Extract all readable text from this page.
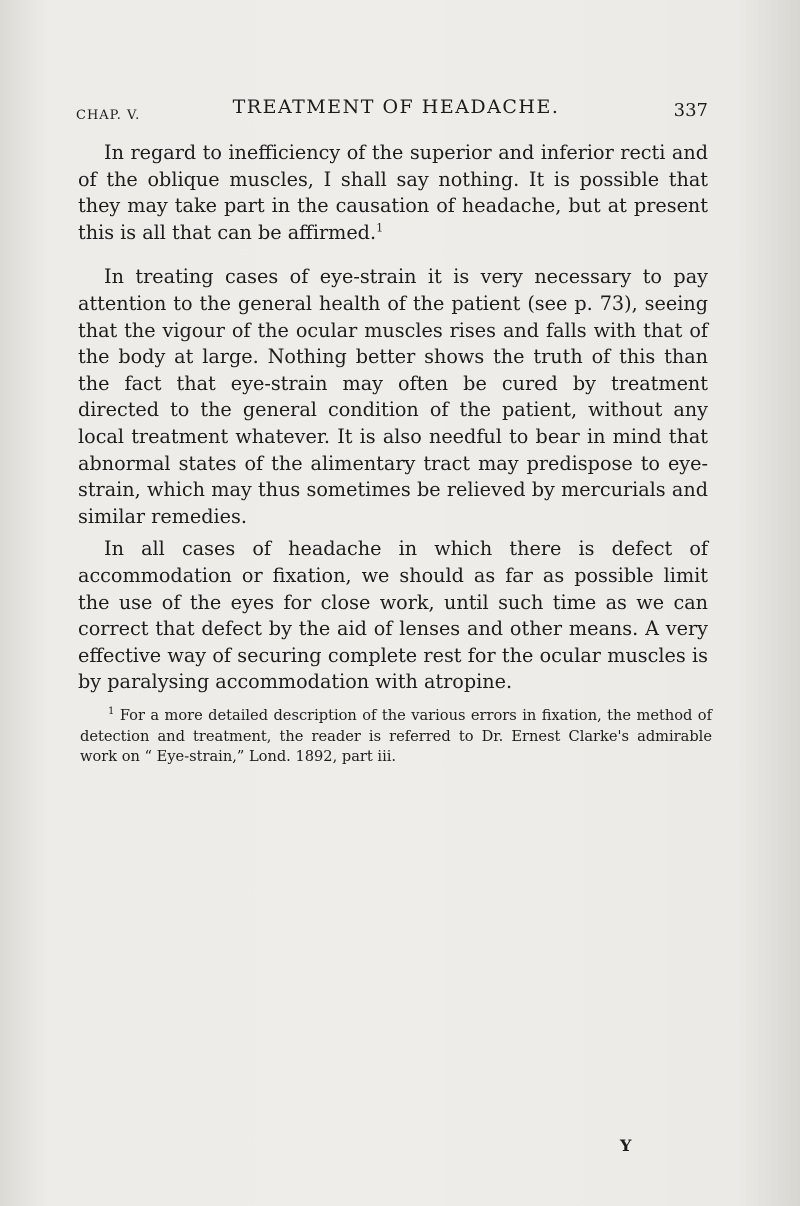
CHAP. V.	TREATMENT OF HEADACHE.	337

In regard to inefficiency of the superior and inferior recti and of the oblique muscles, I shall say nothing. It is possible that they may take part in the causation of headache, but at present this is all that can be affirmed.$^1$

In treating cases of eye-strain it is very necessary to pay attention to the general health of the patient (see p. 73), seeing that the vigour of the ocular muscles rises and falls with that of the body at large. Nothing better shows the truth of this than the fact that eye-strain may often be cured by treatment directed to the general condition of the patient, without any local treatment whatever. It is also needful to bear in mind that abnormal states of the alimentary tract may predispose to eye-strain, which may thus sometimes be relieved by mercurials and similar remedies.

In all cases of headache in which there is defect of accommodation or fixation, we should as far as possible limit the use of the eyes for close work, until such time as we can correct that defect by the aid of lenses and other means. A very effective way of securing complete rest for the ocular muscles is by paralysing accommodation with atropine.

$^1$ For a more detailed description of the various errors in fixation, the method of detection and treatment, the reader is referred to Dr. Ernest Clarke's admirable work on “ Eye-strain,” Lond. 1892, part iii.
Y
